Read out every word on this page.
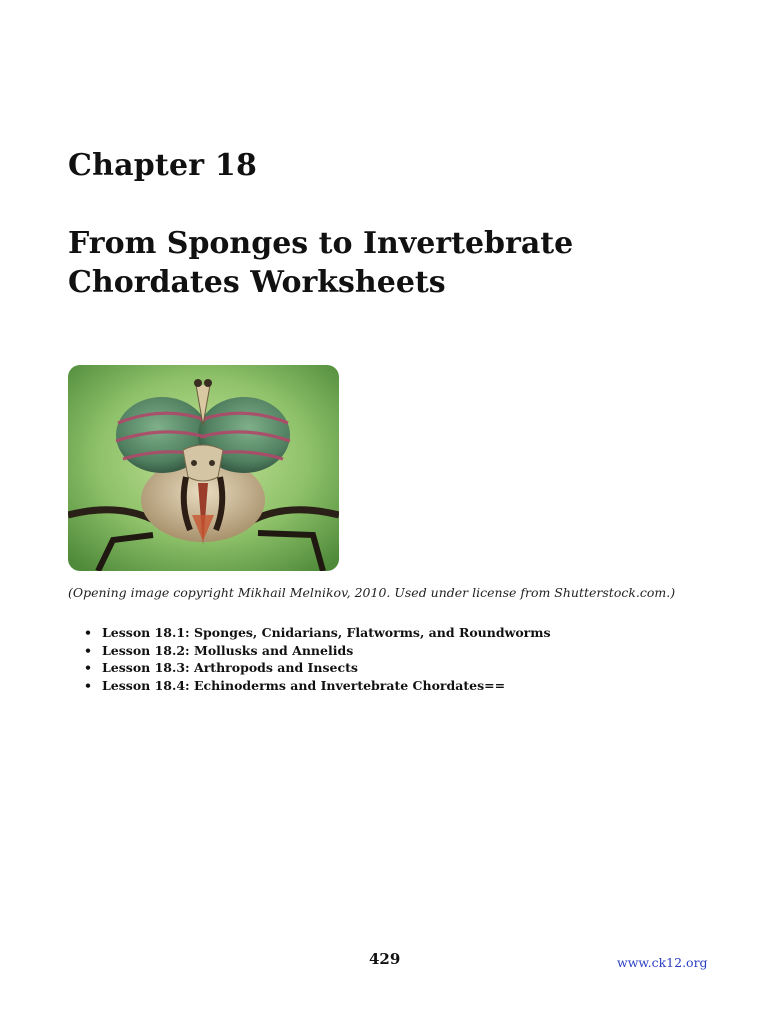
Chapter 18
From Sponges to Invertebrate
Chordates Worksheets
(Opening image copyright Mikhail Melnikov, 2010. Used under license from Shutterstock.com.)
• Lesson 18.1: Sponges, Cnidarians, Flatworms, and Roundworms
• Lesson 18.2: Mollusks and Annelids
• Lesson 18.3: Arthropods and Insects
• Lesson 18.4: Echinoderms and Invertebrate Chordates==
429	www.ck12.org
